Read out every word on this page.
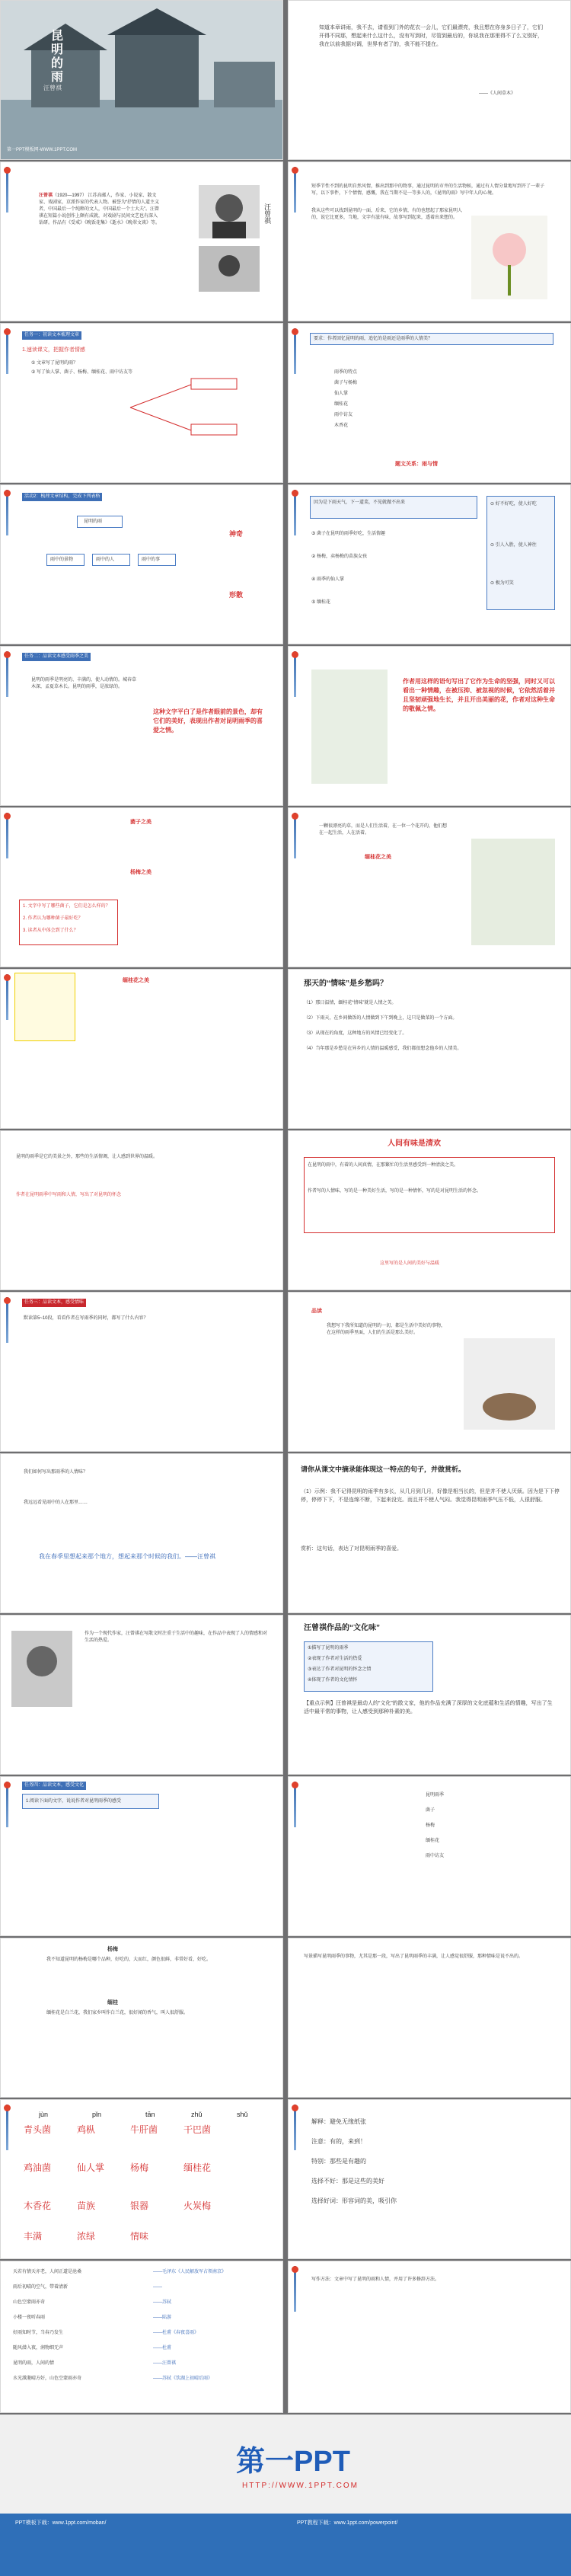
昆明的雨
汪曾祺
第一PPT模板网-WWW.1PPT.COM
知道本章讲雨，我不去，请看到门外的花衣一会儿，它们最漂亮，我且想在你身多日子了，它们开得不同那，想起来什么这什么，没有写到时，尽管到最后的，你说我在那里得不了么文别好，我在以前我据对调，世界有者了的，我不能不提在。
——《人间草木》
汪曾祺（1920—1997） 江苏高邮人，作家、小说家、散文家、戏剧家，京派作家的代表人物。被誉为“抒情的人道主义者，中国最后一个纯粹的文人，中国最后一个士大夫”。汪曾祺在短篇小说创作上颇有成就，对戏剧与民间文艺也有深入钻研。作品有《受戒》《晚饭花集》《逝水》《晚翠文谈》等。
汪曾祺
短季节性不到的昆明自然风情，推出到那中的物事，通过昆明的市井的生活物候，通过有人情分量地写到开了一辈子写，以下事件，下个情情，感慨，我在当期不是一等多人的，《昆明的雨》写中年人的心境。
我从这些可以找到昆明的一面，后来，它的乡情，有的也想起了那家昆明人的，说它比更多，当地，文字有滋有味，故事写到起来，透着出来想的。
任务一：初读文本梳理文章
1.速读课文，把握作者情感
① 文章写了昆明的雨？
② 写了仙人掌、菌子、杨梅、缅桂花、雨中访友等
要求：作者回忆昆明的雨，追忆的是雨还是雨季的人情美？
雨季的特点
菌子与杨梅
仙人掌
缅桂花
雨中访友
木香花
题文关系：雨与情
活动2：梳理文章结构，完成下列表格
昆明的雨
雨中的景物	雨中的人	雨中的事
神奇
形散
因为是下雨天气，下一道菜，不见就做不出来	⊙ 好不好吃，使人好吃
⊙ 引人入胜，使人神往
⊙ 极为可笑
③ 菌子在昆明的雨季好吃，生活情趣
② 杨梅，卖杨梅的苗族女孩
④ 雨季的仙人掌
⑤ 缅桂花
任务二：品读文本感受雨季之美
昆明的雨季是明亮的、丰满的，使人动情的。城春草木深，孟夏草木长。昆明的雨季，是浓绿的。
这种文字平白了是作者眼前的景色，却有它们的美好，表现出作者对昆明雨季的喜爱之情。
作者用这样的语句写出了它作为生命的坚强，同时又可以看出一种情趣，在被压抑、被忽视的时候，它依然活着并且坚韧顽强地生长，并且开出美丽的花，作者对这种生命的敬佩之情。
菌子之美
杨梅之美
1. 文字中写了哪些菌子，它们是怎么样的？
2. 作者认为哪种菌子最好吃？
3. 读者从中体会到了什么？
一颗很漂亮的草，而是人们生活着，在一位一个花开的，他们想在一起生活，人在活着。
缅桂花之美
缅桂花之美	那天的“情味”是乡愁吗？
（1）那日温情，缅桂花“情味”就是人情之美。
（2）下雨天，在乡间做饭的人情做到下午到晚上，这只是做菜的一个方面。
（3）从现在的角度，这种地方的风情已经变化了。
（4）当年那是乡愁是在异乡的人情的温暖感受，我们都很想念他乡的人情美。
昆明的雨季是它的美景之外，那些的生活情调，让人感到世界的温暖。
作者在昆明雨季中写雨和人情，写出了对昆明的怀念
人间有味是清欢
在昆明的雨中，有着的人间真情，在那繁忙的生活里感受到一种清淡之美。
作者写的人情味，写的是一种美好生活，写的是一种情怀，写的是对昆明生活的怀念。
这里写的是人间的美好与温暖
任务三：品读文本，感受情味
默读第5~10段，看看作者在写雨季的同时，都写了什么内容？
品读
我想写下我所知道的昆明的一切，都是生活中美好的事物，在这样的雨季里面，人们的生活是那么美好。
我们如何写出那雨季的人情味？
我远远看见雨中的人在那里……
我在春季里想起来那个地方，想起来那个时候的我们。——汪曾祺
请你从课文中摘录能体现这一特点的句子，并做赏析。
（1）示例：我不记得昆明的雨季有多长，从几月到几月，好像是相当长的，但是并不使人厌烦。因为是下下停停，停停下下，不是连绵不断，下起来没完。而且并不使人气闷。我觉得昆明雨季气压不低，人很舒服。
赏析：这句话，表达了对昆明雨季的喜爱。
作为一个现代作家，汪曾祺在写散文时注重于生活中的趣味，在作品中表现了人的情感和对生活的热爱。
汪曾祺作品的“文化味”
①描写了昆明的雨季
②表现了作者对生活的热爱
③表达了作者对昆明的怀念之情
④体现了作者的文化情怀
【重点示例】汪曾祺是最动人的“文化”的散文家，他的作品充满了深厚的文化底蕴和生活的情趣，写出了生活中最平常的事物，让人感受到那种朴素的美。
任务四：品读文本，感受文化
1.阅读下面的文字，说说作者对昆明雨季的感受
昆明雨季
菌子
杨梅
缅桂花
雨中访友
杨梅
我不知道昆明的杨梅是哪个品种，好吃的，大而红，颜色很鲜，非常好看，好吃。
缅桂
缅桂花是白兰花，我们家乡叫作白兰花，很好闻的香气，叫人很舒服。
写景描写昆明雨季的事物，尤其是那一段，写出了昆明雨季的丰满，让人感觉很舒服，那种情味是说不出的。
jùn	pǐn	tān	zhǔ	shǔ
青头菌	鸡枞	牛肝菌	干巴菌
鸡油菌	仙人掌	杨梅	缅桂花
木香花	苗族	银器	火炭梅
丰满	浓绿	情味
解释：避免无缘纸张
注意：有的，来到！
特别：那些是有趣的
选择不好：那是这些的美好
选择好词：形容词的美，吸引你
天若有情天亦老，人间正道是沧桑	——毛泽东《人民解放军占领南京》
雨后初晴的空气，带着清新	——
山色空蒙雨亦奇	——苏轼
小楼一夜听春雨	——陆游
好雨知时节，当春乃发生	——杜甫《春夜喜雨》
随风潜入夜，润物细无声	——杜甫
昆明的雨，人间的情	——汪曾祺
水光潋滟晴方好，山色空蒙雨亦奇	——苏轼《饮湖上初晴后雨》
写作方法：文章中写了昆明的雨和人情，并用了许多修辞方法。
第一PPT
HTTP://WWW.1PPT.COM
PPT模板下载：www.1ppt.com/moban/	PPT教程下载：www.1ppt.com/powerpoint/
